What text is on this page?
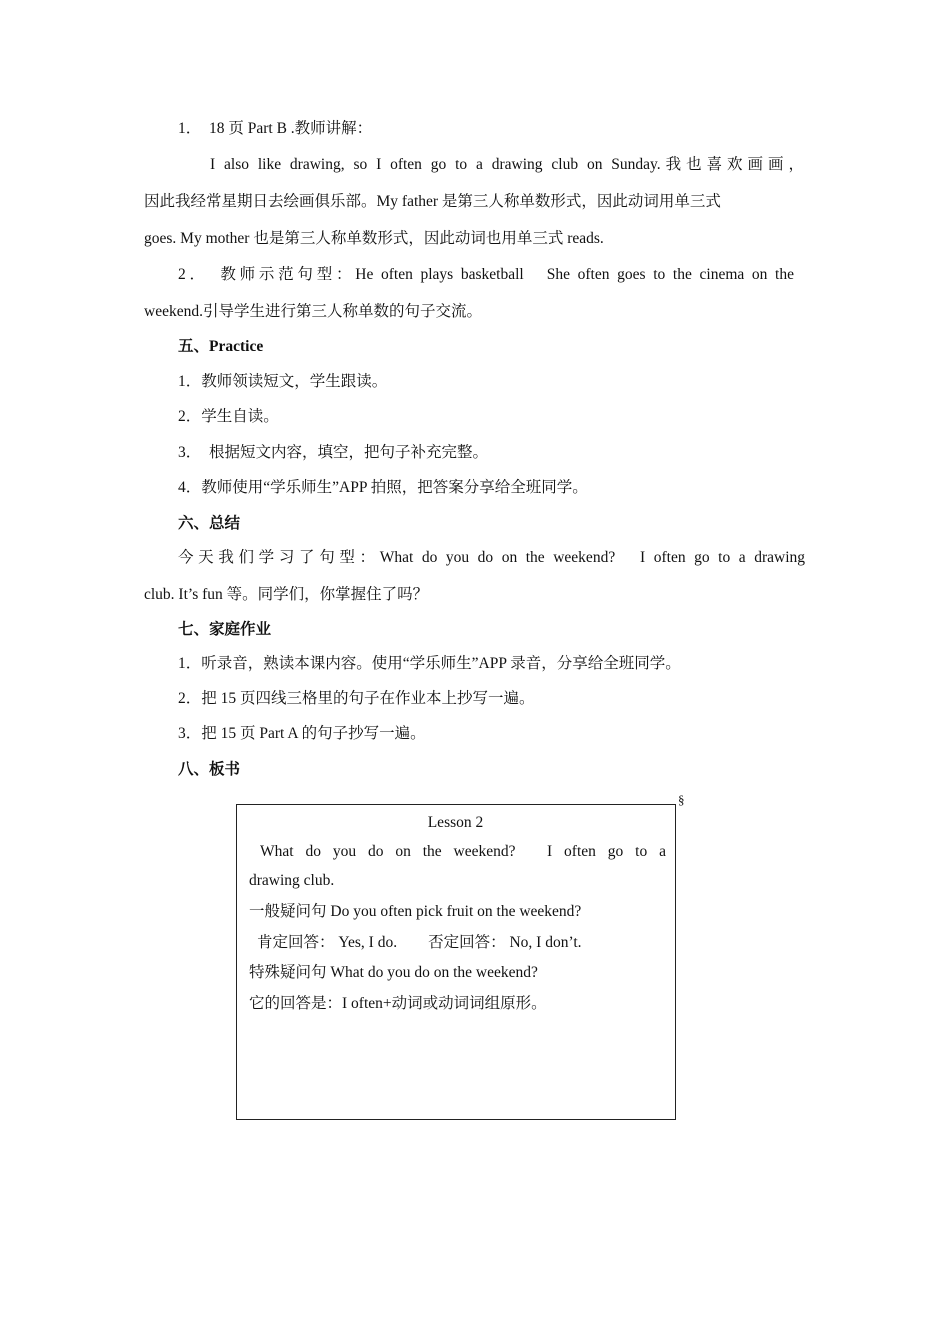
1．　18 页 Part B .教师讲解：
I also like drawing, so I often go to a drawing club on Sunday.我也喜欢画画，
因此我经常星期日去绘画俱乐部。My father 是第三人称单数形式，因此动词用单三式
goes. My mother 也是第三人称单数形式，因此动词也用单三式 reads.
2．　教师示范句型：He often plays basketball　She often goes to the cinema on the
weekend.引导学生进行第三人称单数的句子交流。
五、Practice
1．教师领读短文，学生跟读。
2．学生自读。
3．　根据短文内容，填空，把句子补充完整。
4．教师使用“学乐师生”APP 拍照，把答案分享给全班同学。
六、总结
今天我们学习了句型：What do you do on the weekend?　I often go to a drawing
club. It’s fun 等。同学们，你掌握住了吗？
七、家庭作业
1．听录音，熟读本课内容。使用“学乐师生”APP 录音，分享给全班同学。
2．把 15 页四线三格里的句子在作业本上抄写一遍。
3．把 15 页 Part A 的句子抄写一遍。
八、板书
§
Lesson 2
What do you do on the weekend?　I often go to a
drawing club.
一般疑问句 Do you often pick fruit on the weekend?
肯定回答： Yes, I do.　　否定回答： No, I don’t.
特殊疑问句 What do you do on the weekend?
它的回答是：I often+动词或动词词组原形。
